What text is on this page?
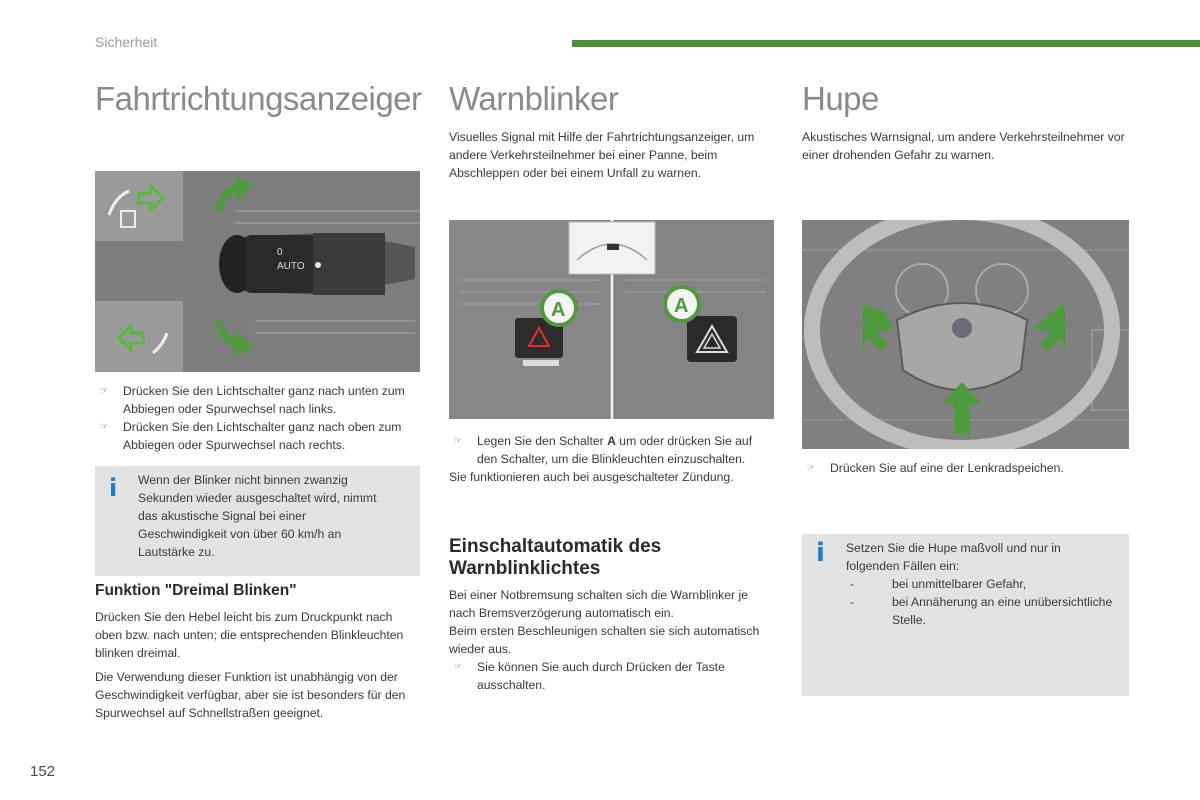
Sicherheit
Fahrtrichtungsanzeiger
0
AUTO
☞	Drücken Sie den Lichtschalter ganz nach unten zum Abbiegen oder Spurwechsel nach links.
☞	Drücken Sie den Lichtschalter ganz nach oben zum Abbiegen oder Spurwechsel nach rechts.
i Wenn der Blinker nicht binnen zwanzig Sekunden wieder ausgeschaltet wird, nimmt das akustische Signal bei einer Geschwindigkeit von über 60 km/h an Lautstärke zu.
Funktion "Dreimal Blinken"

Drücken Sie den Hebel leicht bis zum Druckpunkt nach oben bzw. nach unten; die entsprechenden Blinkleuchten blinken dreimal.

Die Verwendung dieser Funktion ist unabhängig von der Geschwindigkeit verfügbar, aber sie ist besonders für den Spurwechsel auf Schnellstraßen geeignet.

Warnblinker
Visuelles Signal mit Hilfe der Fahrtrichtungsanzeiger, um andere Verkehrsteilnehmer bei einer Panne, beim Abschleppen oder bei einem Unfall zu warnen.
A	A
☞	Legen Sie den Schalter A um oder drücken Sie auf den Schalter, um die Blinkleuchten einzuschalten.

Sie funktionieren auch bei ausgeschalteter Zündung.

Einschaltautomatik des Warnblinklichtes

Bei einer Notbremsung schalten sich die Warnblinker je nach Bremsverzögerung automatisch ein.

Beim ersten Beschleunigen schalten sie sich automatisch wieder aus.

☞	Sie können Sie auch durch Drücken der Taste ausschalten.
Hupe
Akustisches Warnsignal, um andere Verkehrsteilnehmer vor einer drohenden Gefahr zu warnen.
☞	Drücken Sie auf eine der Lenkradspeichen.
i Setzen Sie die Hupe maßvoll und nur in folgenden Fällen ein:

-	bei unmittelbarer Gefahr,
-	bei Annäherung an eine unübersichtliche Stelle.
152
